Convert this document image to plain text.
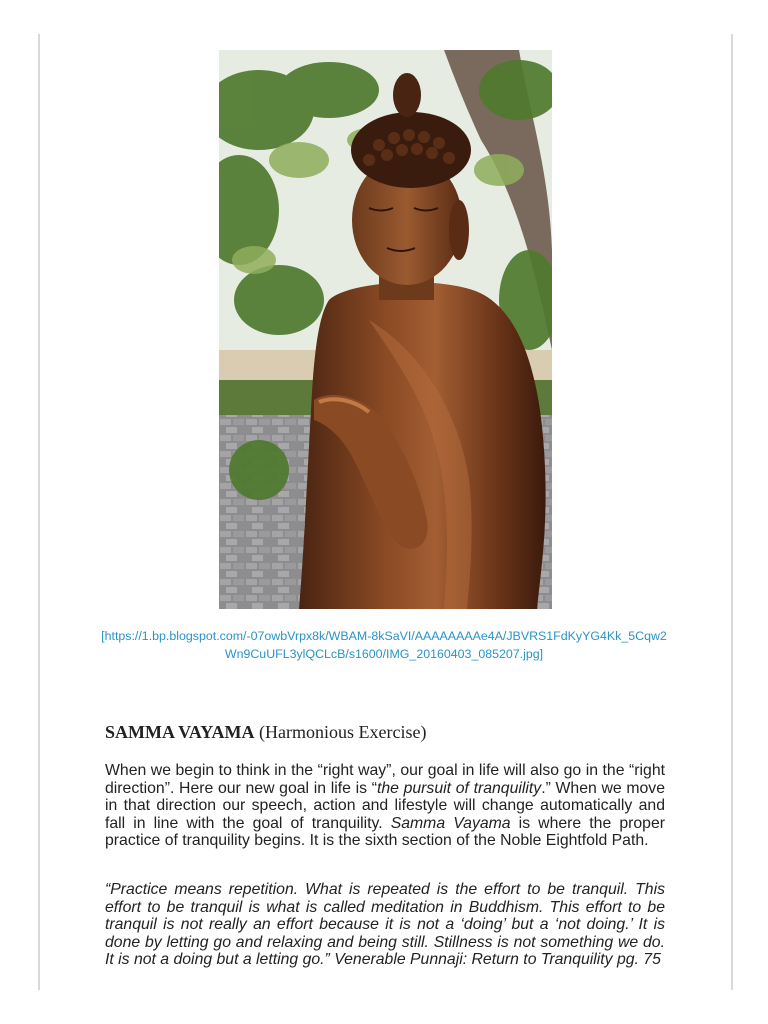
[https://1.bp.blogspot.com/-07owbVrpx8k/WBAM-8kSaVI/AAAAAAAAe4A/JBVRS1FdKyYG4Kk_5Cqw2Wn9CuUFL3ylQCLcB/s1600/IMG_20160403_085207.jpg]
SAMMA VAYAMA (Harmonious Exercise)
When we begin to think in the “right way”, our goal in life will also go in the “right direction”. Here our new goal in life is “the pursuit of tranquility.” When we move in that direction our speech, action and lifestyle will change automatically and fall in line with the goal of tranquility. Samma Vayama is where the proper practice of tranquility begins. It is the sixth section of the Noble Eightfold Path.
“Practice means repetition. What is repeated is the effort to be tranquil. This effort to be tranquil is what is called meditation in Buddhism. This effort to be tranquil is not really an effort because it is not a ‘doing’ but a ‘not doing.’ It is done by letting go and relaxing and being still. Stillness is not something we do. It is not a doing but a letting go.” Venerable Punnaji: Return to Tranquility pg. 75
